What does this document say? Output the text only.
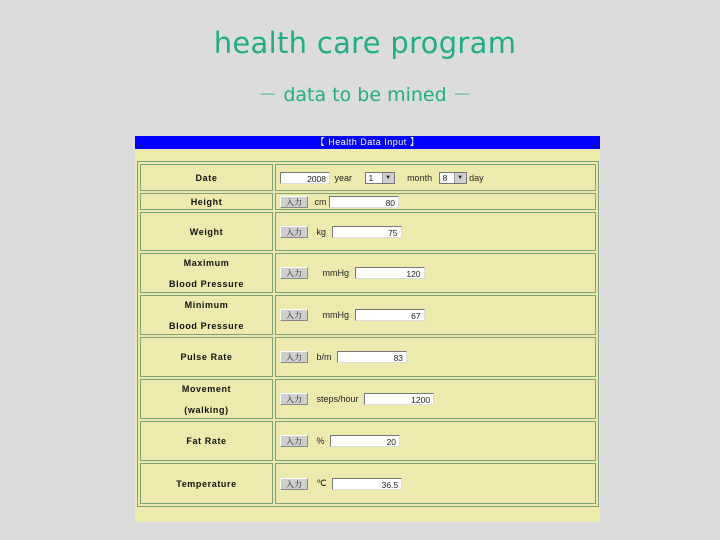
health care program
－ data to be mined －
【 Health Data Input 】
Date	2008 year 1 ▼ month 8 ▼ day
Height	入力 cm 80
Weight	入力 kg 75
Maximum
Blood Pressure	入力 mmHg 120
Minimum
Blood Pressure	入力 mmHg 67
Pulse Rate	入力 b/m 83
Movement
(walking)	入力 steps/hour 1200
Fat Rate	入力 % 20
Temperature	入力 ℃ 36.5
